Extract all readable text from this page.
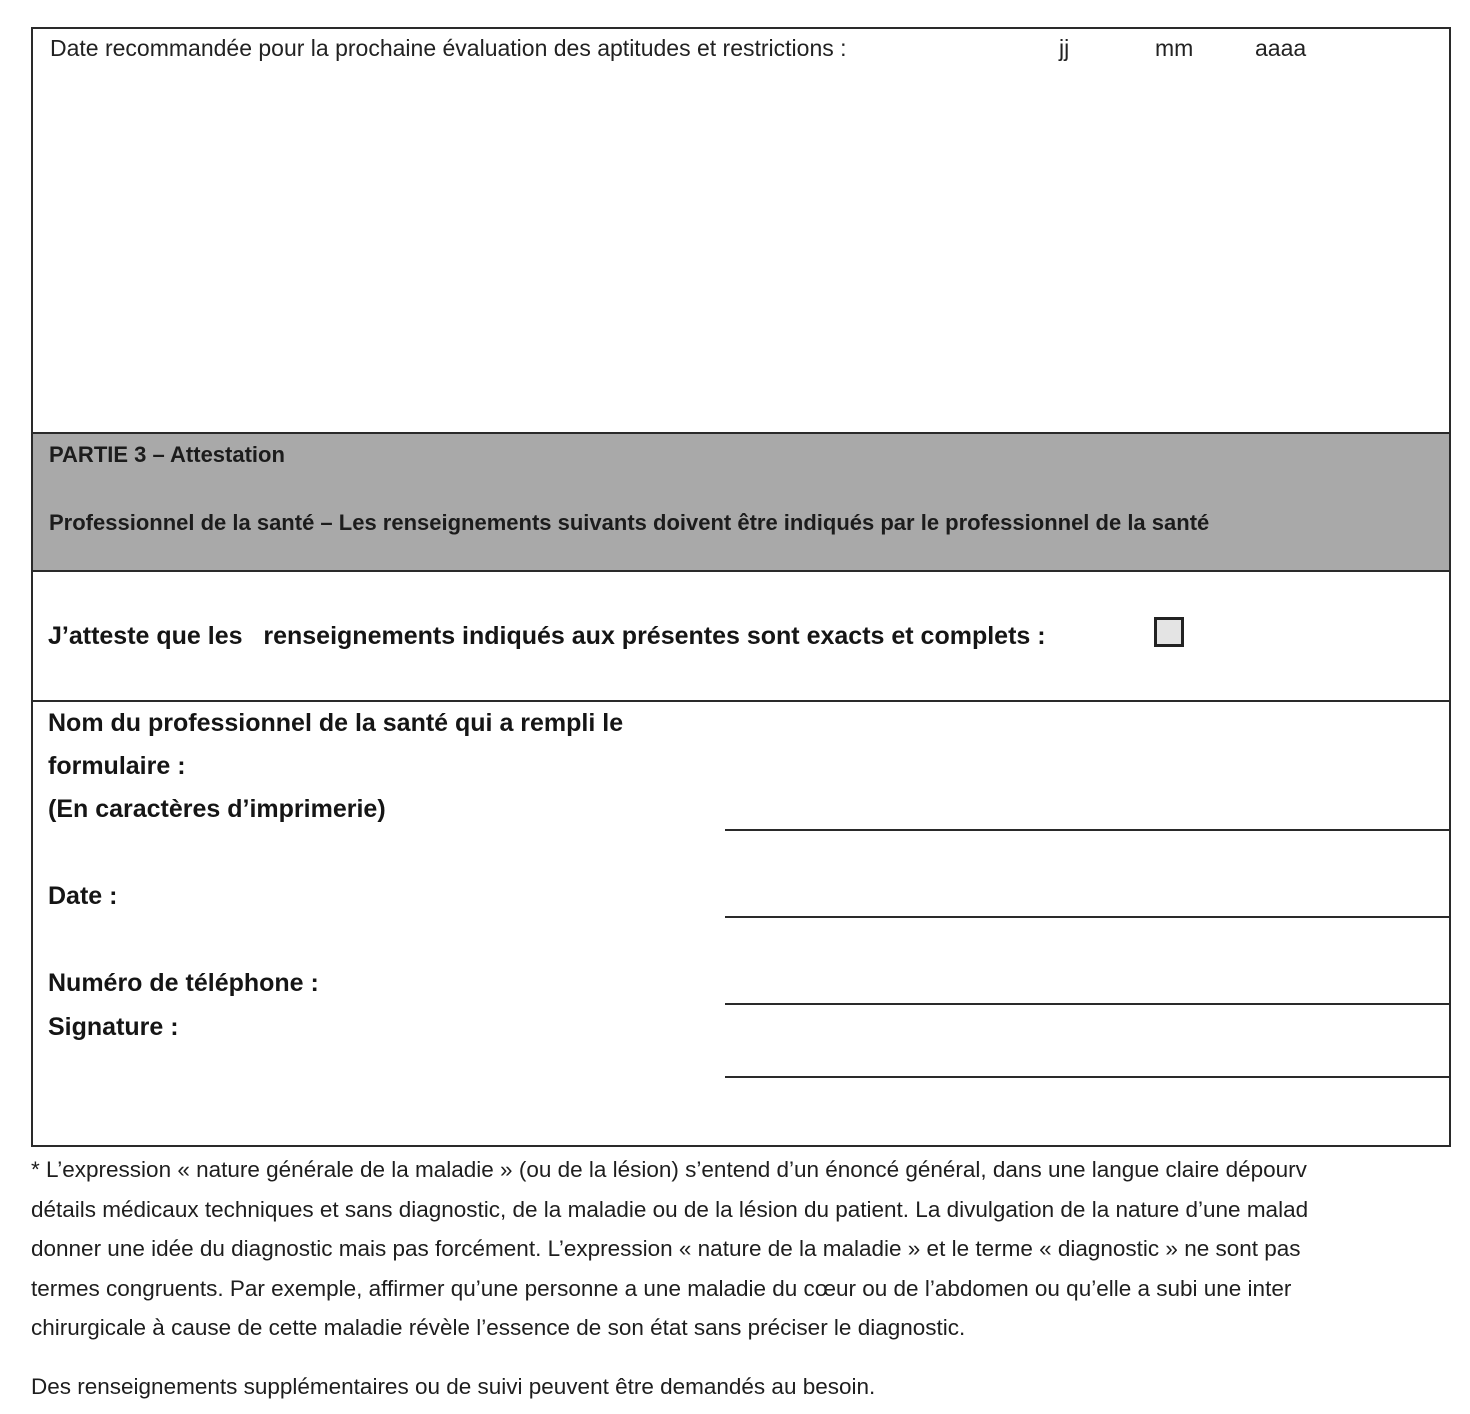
Date recommandée pour la prochaine évaluation des aptitudes et restrictions :	jj	mm	aaaa
PARTIE 3 – Attestation
Professionnel de la santé – Les renseignements suivants doivent être indiqués par le professionnel de la santé
J’atteste que les   renseignements indiqués aux présentes sont exacts et complets :
Nom du professionnel de la santé qui a rempli le
formulaire :
(En caractères d’imprimerie)
Date :
Numéro de téléphone :
Signature :
* L’expression « nature générale de la maladie » (ou de la lésion) s’entend d’un énoncé général, dans une langue claire dépourv
détails médicaux techniques et sans diagnostic, de la maladie ou de la lésion du patient. La divulgation de la nature d’une malad
donner une idée du diagnostic mais pas forcément. L’expression « nature de la maladie » et le terme « diagnostic » ne sont pas
termes congruents. Par exemple, affirmer qu’une personne a une maladie du cœur ou de l’abdomen ou qu’elle a subi une inter
chirurgicale à cause de cette maladie révèle l’essence de son état sans préciser le diagnostic.
Des renseignements supplémentaires ou de suivi peuvent être demandés au besoin.
